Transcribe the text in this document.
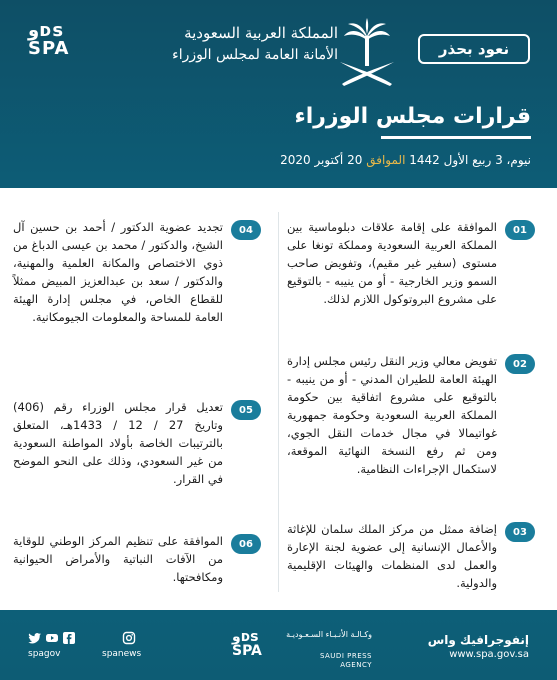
وᴅs
SPA
المملكة العربية السعودية
الأمانة العامة لمجلس الوزراء	نعود بحذر
قرارات مجلس الوزراء
نيوم، 3 ربيع الأول 1442 الموافق 20 أكتوبر 2020
01
الموافقة على إقامة علاقات دبلوماسية بين المملكة العربية السعودية ومملكة تونغا على مستوى (سفير غير مقيم)، وتفويض صاحب السمو وزير الخارجية - أو من ينيبه - بالتوقيع على مشروع البروتوكول اللازم لذلك.
02
تفويض معالي وزير النقل رئيس مجلس إدارة الهيئة العامة للطيران المدني - أو من ينيبه - بالتوقيع على مشروع اتفاقية بين حكومة المملكة العربية السعودية وحكومة جمهورية غواتيمالا في مجال خدمات النقل الجوي، ومن ثم رفع النسخة النهائية الموقعة، لاستكمال الإجراءات النظامية.
03
إضافة ممثل من مركز الملك سلمان للإغاثة والأعمال الإنسانية إلى عضوية لجنة الإعارة والعمل لدى المنظمات والهيئات الإقليمية والدولية.
04
تجديد عضوية الدكتور / أحمد بن حسين آل الشيخ، والدكتور / محمد بن عيسى الدباغ من ذوي الاختصاص والمكانة العلمية والمهنية، والدكتور / سعد بن عبدالعزيز المبيض ممثلاً للقطاع الخاص، في مجلس إدارة الهيئة العامة للمساحة والمعلومات الجيومكانية.
05
تعديل قرار مجلس الوزراء رقم (406) وتاريخ 27 / 12 / 1433هـ، المتعلق بالترتيبات الخاصة بأولاد المواطنة السعودية من غير السعودي، وذلك على النحو الموضح في القرار.
06
الموافقة على تنظيم المركز الوطني للوقاية من الآفات النباتية والأمراض الحيوانية ومكافحتها.
spagov	spanews
وᴅs
SPA
وكـالـة الأنـبـاء السـعـوديـة
SAUDI PRESS
AGENCY
إنفوجرافيك واس
www.spa.gov.sa
